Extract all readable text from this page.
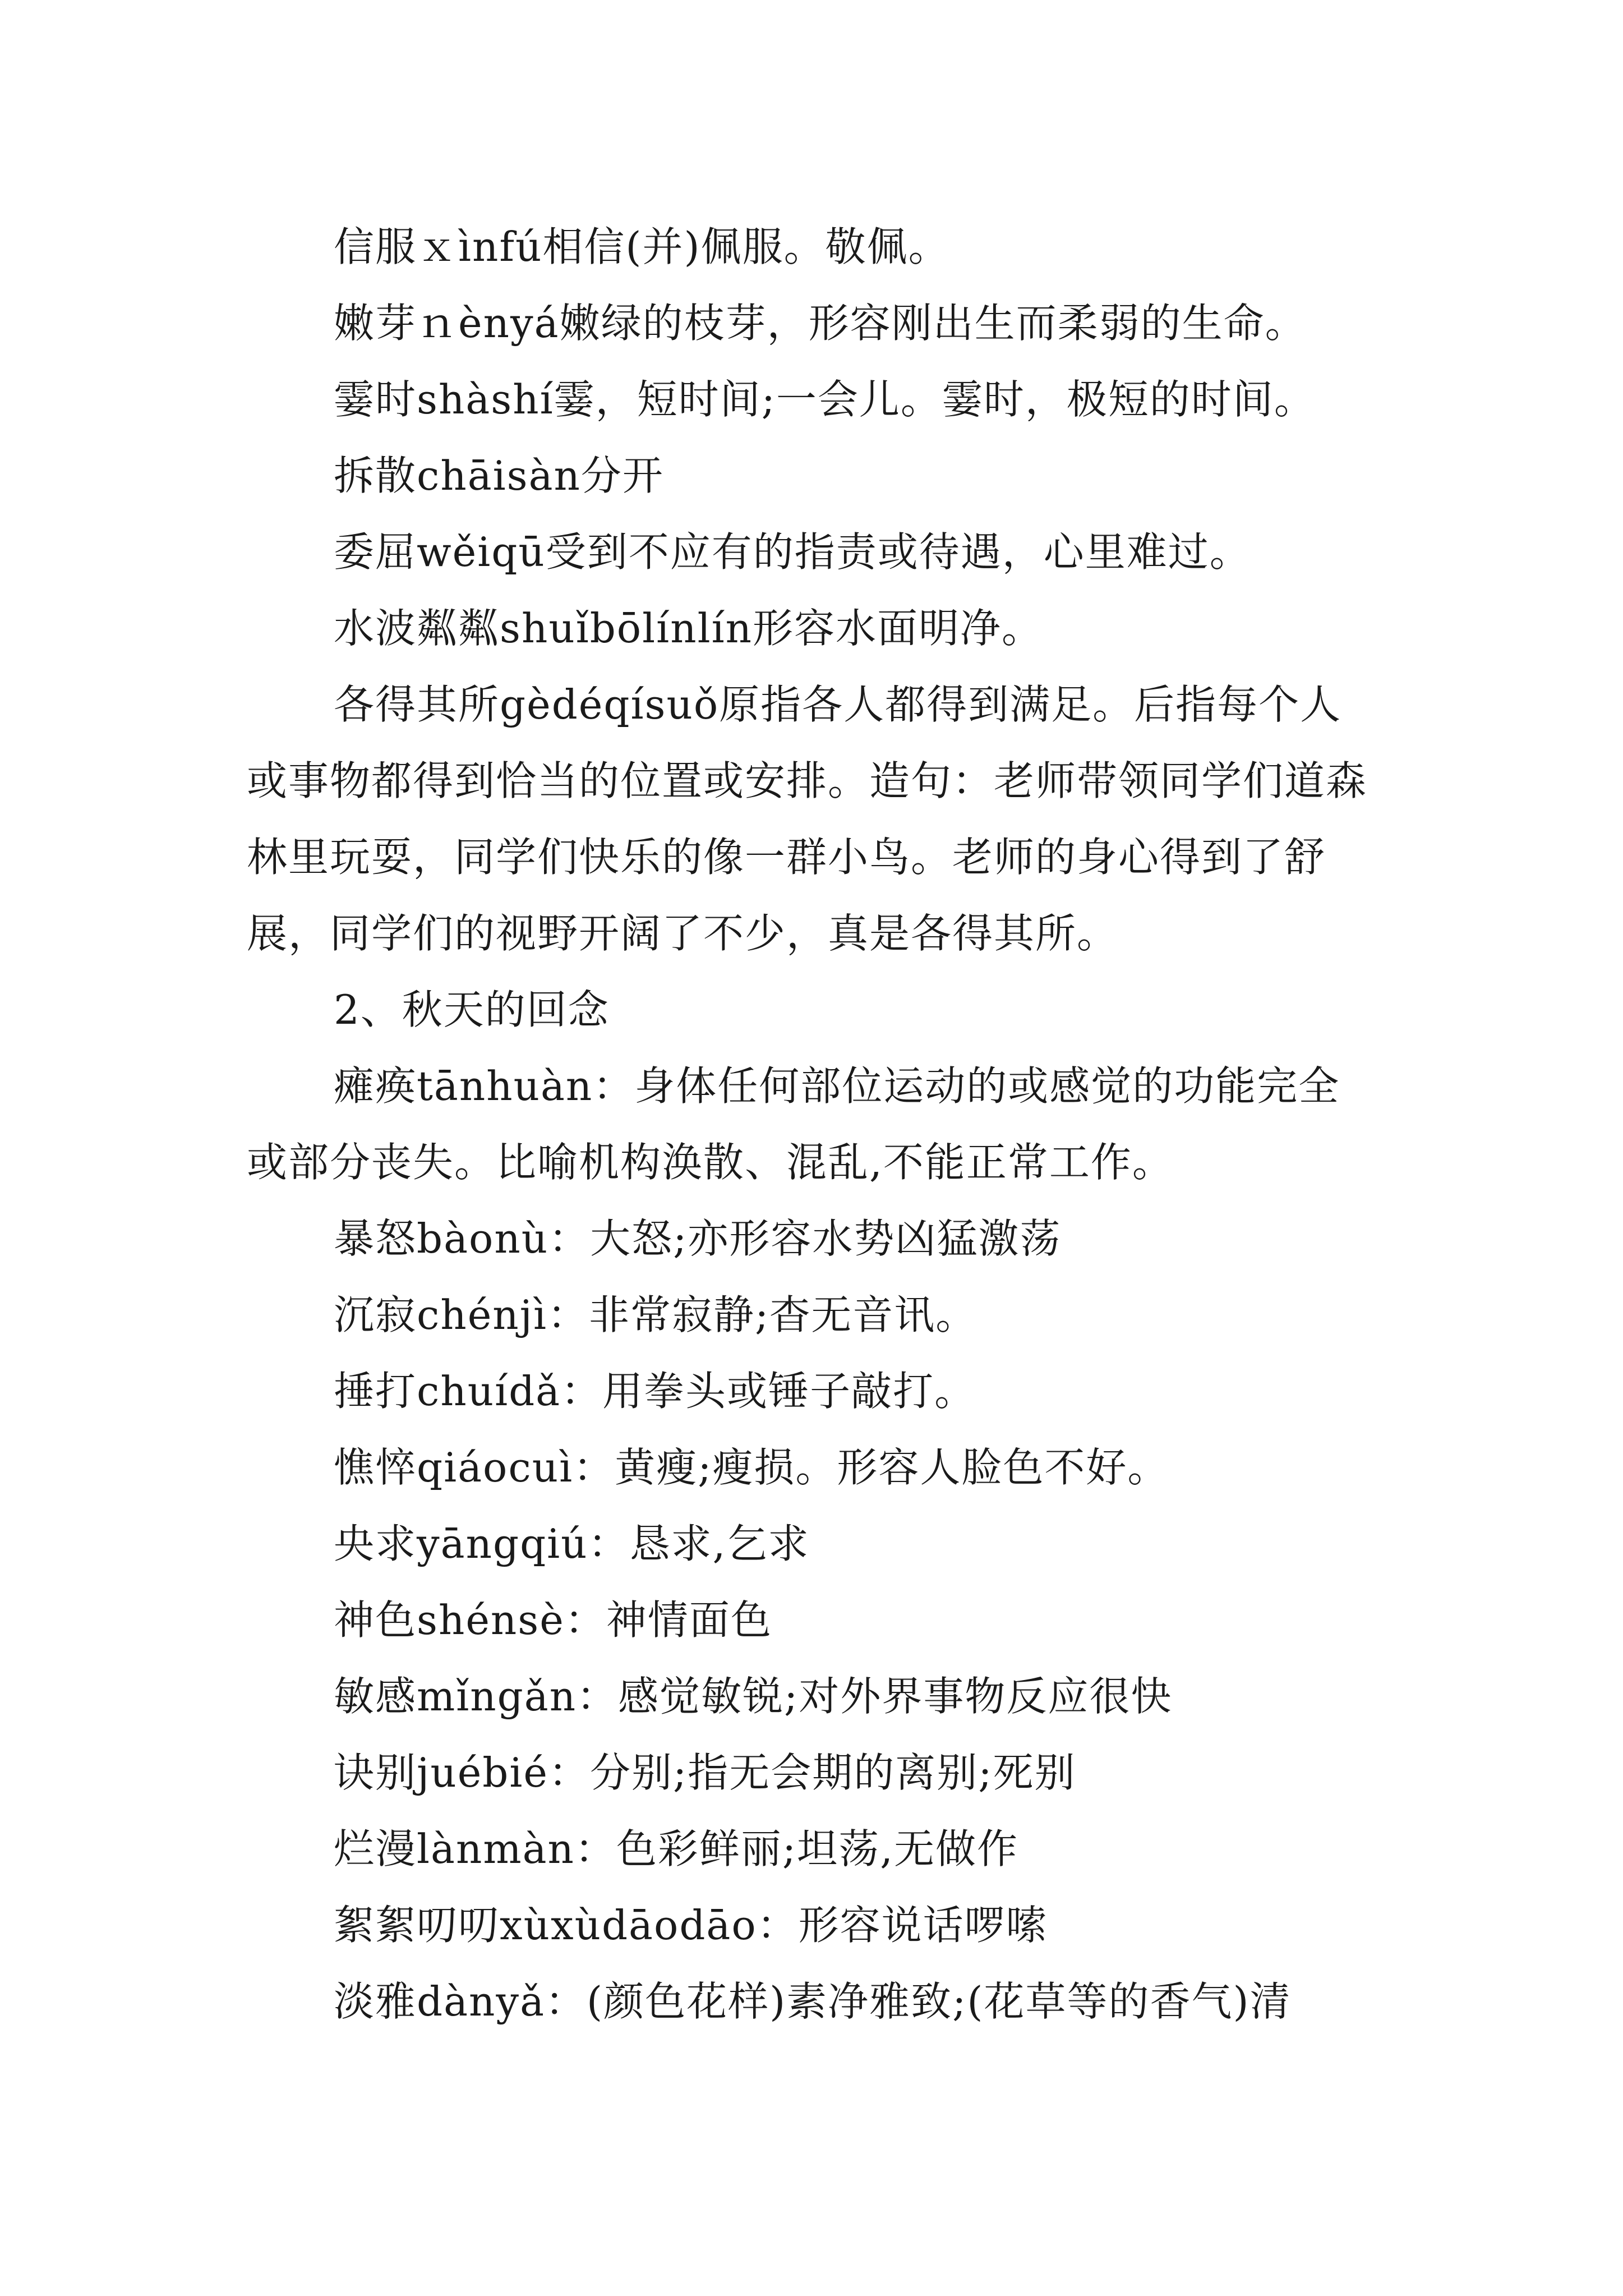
信服ｘìnfú相信(并)佩服。敬佩。

嫩芽ｎènyá嫩绿的枝芽，形容刚出生而柔弱的生命。

霎时shàshí霎，短时间;一会儿。霎时，极短的时间。

拆散chāisàn分开

委屈wěiqū受到不应有的指责或待遇，心里难过。

水波粼粼shuǐbōlínlín形容水面明净。

各得其所gèdéqísuǒ原指各人都得到满足。后指每个人或事物都得到恰当的位置或安排。造句：老师带领同学们道森林里玩耍，同学们快乐的像一群小鸟。老师的身心得到了舒展，同学们的视野开阔了不少，真是各得其所。

2、秋天的回念

瘫痪tānhuàn：身体任何部位运动的或感觉的功能完全或部分丧失。比喻机构涣散、混乱,不能正常工作。

暴怒bàonù：大怒;亦形容水势凶猛激荡

沉寂chénjì：非常寂静;杳无音讯。

捶打chuídǎ：用拳头或锤子敲打。

憔悴qiáocuì：黄瘦;瘦损。形容人脸色不好。

央求yāngqiú：恳求,乞求

神色shénsè：神情面色

敏感mǐngǎn：感觉敏锐;对外界事物反应很快

诀别juébié：分别;指无会期的离别;死别

烂漫lànmàn：色彩鲜丽;坦荡,无做作

絮絮叨叨xùxùdāodāo：形容说话啰嗦

淡雅dànyǎ：(颜色花样)素净雅致;(花草等的香气)清
